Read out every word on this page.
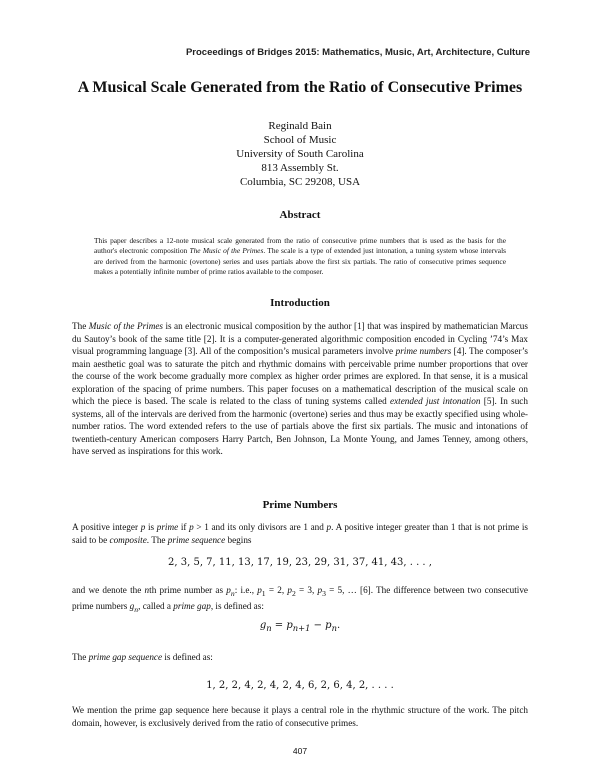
Proceedings of Bridges 2015: Mathematics, Music, Art, Architecture, Culture
A Musical Scale Generated from the Ratio of Consecutive Primes
Reginald Bain
School of Music
University of South Carolina
813 Assembly St.
Columbia, SC 29208, USA
Abstract
This paper describes a 12-note musical scale generated from the ratio of consecutive prime numbers that is used as the basis for the author's electronic composition The Music of the Primes. The scale is a type of extended just intonation, a tuning system whose intervals are derived from the harmonic (overtone) series and uses partials above the first six partials. The ratio of consecutive primes sequence makes a potentially infinite number of prime ratios available to the composer.
Introduction
The Music of the Primes is an electronic musical composition by the author [1] that was inspired by mathematician Marcus du Sautoy’s book of the same title [2]. It is a computer-generated algorithmic composition encoded in Cycling ’74’s Max visual programming language [3]. All of the composition’s musical parameters involve prime numbers [4]. The composer’s main aesthetic goal was to saturate the pitch and rhythmic domains with perceivable prime number proportions that over the course of the work become gradually more complex as higher order primes are explored. In that sense, it is a musical exploration of the spacing of prime numbers. This paper focuses on a mathematical description of the musical scale on which the piece is based. The scale is related to the class of tuning systems called extended just intonation [5]. In such systems, all of the intervals are derived from the harmonic (overtone) series and thus may be exactly specified using whole-number ratios. The word extended refers to the use of partials above the first six partials. The music and intonations of twentieth-century American composers Harry Partch, Ben Johnson, La Monte Young, and James Tenney, among others, have served as inspirations for this work.
Prime Numbers
A positive integer p is prime if p > 1 and its only divisors are 1 and p. A positive integer greater than 1 that is not prime is said to be composite. The prime sequence begins
2, 3, 5, 7, 11, 13, 17, 19, 23, 29, 31, 37, 41, 43, . . . ,
and we denote the nth prime number as $p_n$: i.e., $p_1 = 2$, $p_2 = 3$, $p_3 = 5$, … [6]. The difference between two consecutive prime numbers $g_n$, called a prime gap, is defined as:
$g_n = p_{n+1} - p_n$.
The prime gap sequence is defined as:
1, 2, 2, 4, 2, 4, 2, 4, 6, 2, 6, 4, 2, . . . .
We mention the prime gap sequence here because it plays a central role in the rhythmic structure of the work. The pitch domain, however, is exclusively derived from the ratio of consecutive primes.
407
